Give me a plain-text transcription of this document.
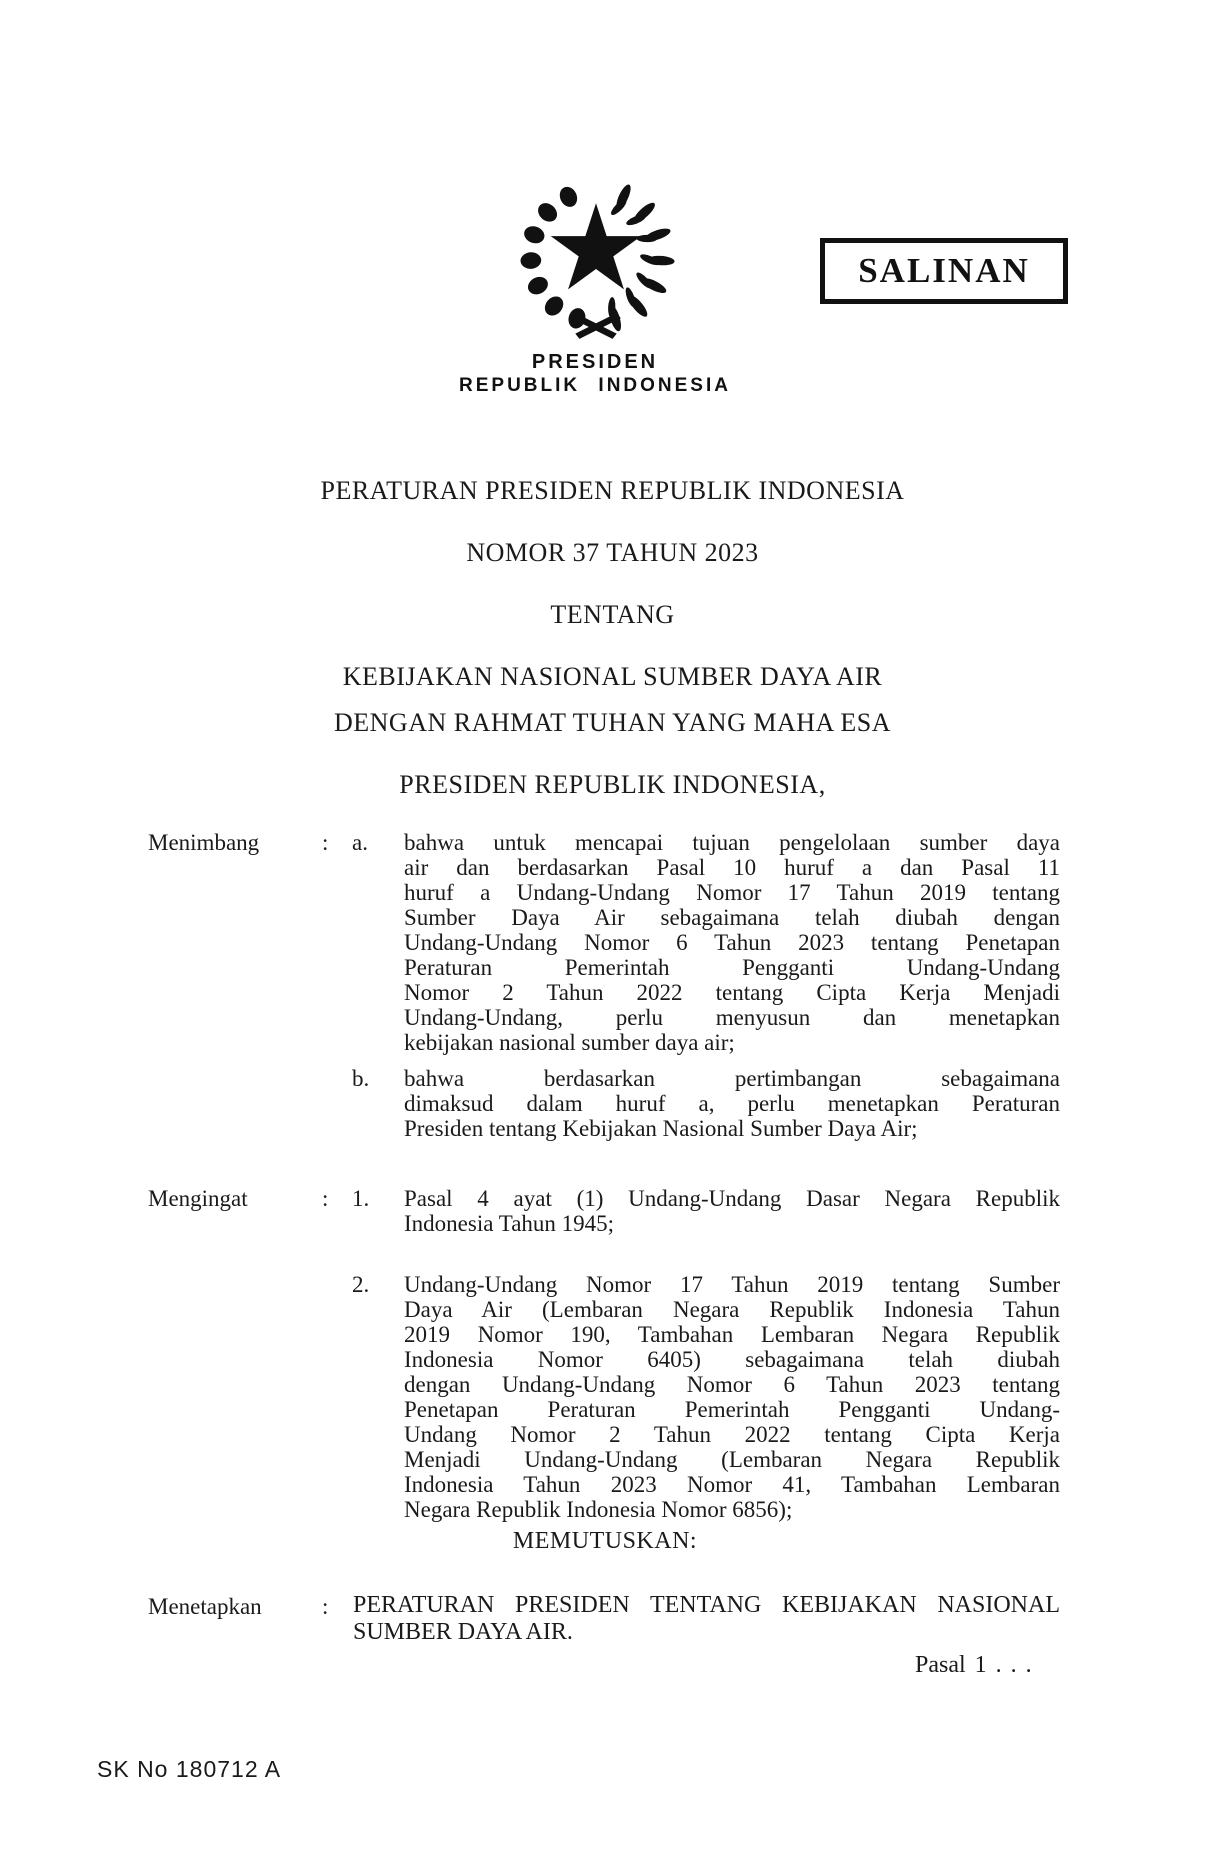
PRESIDEN
REPUBLIK INDONESIA
SALINAN
PERATURAN PRESIDEN REPUBLIK INDONESIA
NOMOR 37 TAHUN 2023
TENTANG
KEBIJAKAN NASIONAL SUMBER DAYA AIR
DENGAN RAHMAT TUHAN YANG MAHA ESA
PRESIDEN REPUBLIK INDONESIA,
Menimbang	: a.	bahwa untuk mencapai tujuan pengelolaan sumber daya
air dan berdasarkan Pasal 10 huruf a dan Pasal 11
huruf a Undang-Undang Nomor 17 Tahun 2019 tentang
Sumber Daya Air sebagaimana telah diubah dengan
Undang-Undang Nomor 6 Tahun 2023 tentang Penetapan
Peraturan Pemerintah Pengganti Undang-Undang
Nomor 2 Tahun 2022 tentang Cipta Kerja Menjadi
Undang-Undang, perlu menyusun dan menetapkan
kebijakan nasional sumber daya air;
b.	bahwa berdasarkan pertimbangan sebagaimana
dimaksud dalam huruf a, perlu menetapkan Peraturan
Presiden tentang Kebijakan Nasional Sumber Daya Air;
Mengingat	: 1.	Pasal 4 ayat (1) Undang-Undang Dasar Negara Republik
Indonesia Tahun 1945;
2.	Undang-Undang Nomor 17 Tahun 2019 tentang Sumber
Daya Air (Lembaran Negara Republik Indonesia Tahun
2019 Nomor 190, Tambahan Lembaran Negara Republik
Indonesia Nomor 6405) sebagaimana telah diubah
dengan Undang-Undang Nomor 6 Tahun 2023 tentang
Penetapan Peraturan Pemerintah Pengganti Undang-
Undang Nomor 2 Tahun 2022 tentang Cipta Kerja
Menjadi Undang-Undang (Lembaran Negara Republik
Indonesia Tahun 2023 Nomor 41, Tambahan Lembaran
Negara Republik Indonesia Nomor 6856);
MEMUTUSKAN:
Menetapkan	: PERATURAN PRESIDEN TENTANG KEBIJAKAN NASIONAL
SUMBER DAYA AIR.
Pasal 1 . . .
SK No 180712 A
